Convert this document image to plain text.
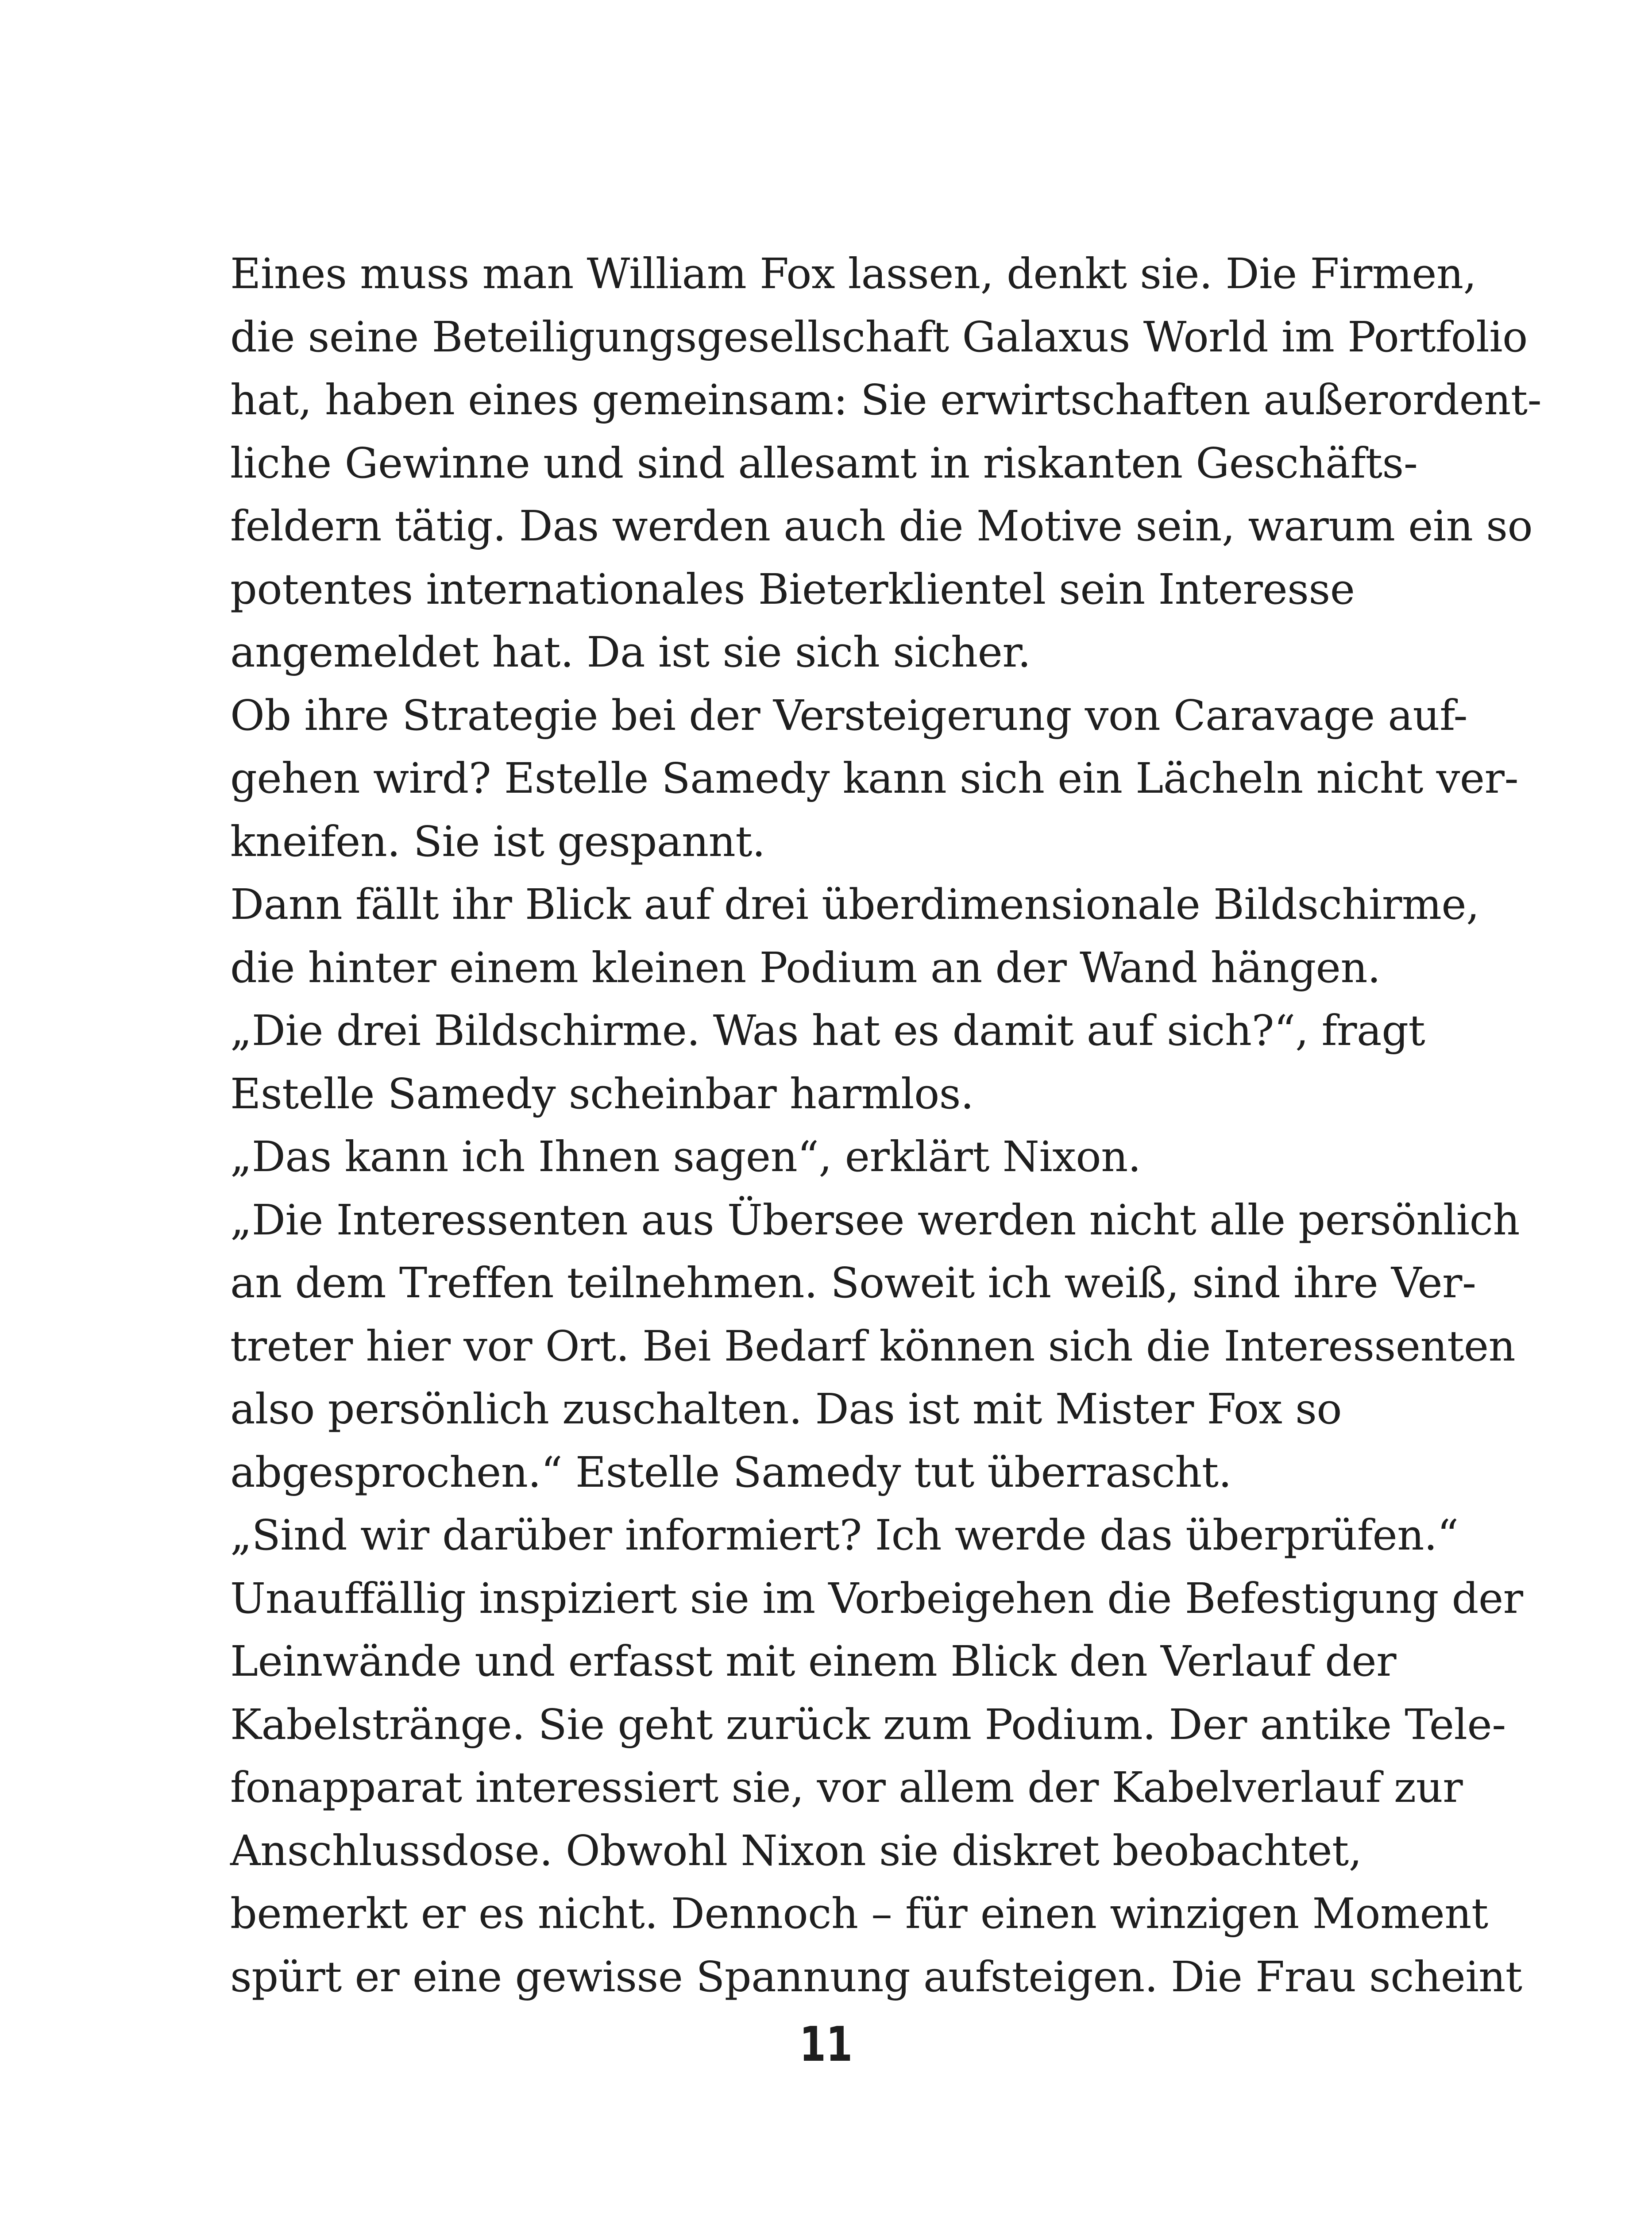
Eines muss man William Fox lassen, denkt sie. Die Firmen,
die seine Beteiligungsgesellschaft Galaxus World im Portfolio
hat, haben eines gemeinsam: Sie erwirtschaften außerordent-
liche Gewinne und sind allesamt in riskanten Geschäfts-
feldern tätig. Das werden auch die Motive sein, warum ein so
potentes internationales Bieterklientel sein Interesse
angemeldet hat. Da ist sie sich sicher.
Ob ihre Strategie bei der Versteigerung von Caravage auf-
gehen wird? Estelle Samedy kann sich ein Lächeln nicht ver-
kneifen. Sie ist gespannt.
Dann fällt ihr Blick auf drei überdimensionale Bildschirme,
die hinter einem kleinen Podium an der Wand hängen.
„Die drei Bildschirme. Was hat es damit auf sich?“, fragt
Estelle Samedy scheinbar harmlos.
„Das kann ich Ihnen sagen“, erklärt Nixon.
„Die Interessenten aus Übersee werden nicht alle persönlich
an dem Treffen teilnehmen. Soweit ich weiß, sind ihre Ver-
treter hier vor Ort. Bei Bedarf können sich die Interessenten
also persönlich zuschalten. Das ist mit Mister Fox so
abgesprochen.“ Estelle Samedy tut überrascht.
„Sind wir darüber informiert? Ich werde das überprüfen.“
Unauffällig inspiziert sie im Vorbeigehen die Befestigung der
Leinwände und erfasst mit einem Blick den Verlauf der
Kabelstränge. Sie geht zurück zum Podium. Der antike Tele-
fonapparat interessiert sie, vor allem der Kabelverlauf zur
Anschlussdose. Obwohl Nixon sie diskret beobachtet,
bemerkt er es nicht. Dennoch – für einen winzigen Moment
spürt er eine gewisse Spannung aufsteigen. Die Frau scheint
11
